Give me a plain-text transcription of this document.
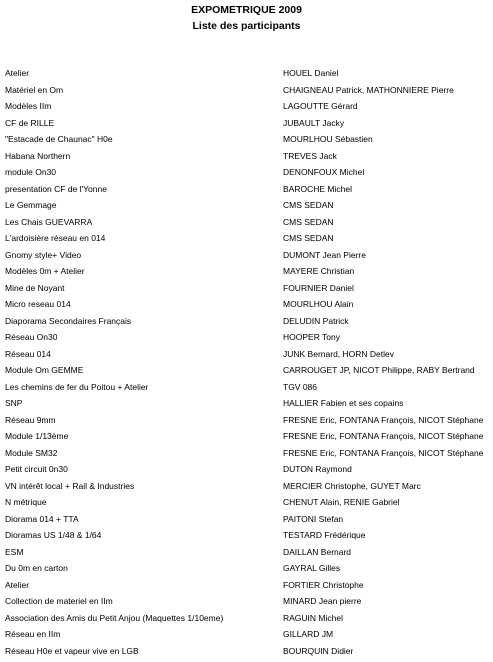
EXPOMETRIQUE 2009
Liste des participants
Atelier	HOUEL Daniel
Matériel en Om	CHAIGNEAU Patrick, MATHONNIERE Pierre
Modèles IIm	LAGOUTTE Gérard
CF de RILLE	JUBAULT Jacky
"Estacade de Chaunac" H0e	MOURLHOU Sébastien
Habana Northern	TREVES Jack
module On30	DENONFOUX Michel
presentation CF de l'Yonne	BAROCHE Michel
Le Gemmage	CMS SEDAN
Les Chais GUEVARRA	CMS SEDAN
L'ardoisière réseau en 014	CMS SEDAN
Gnomy style+ Video	DUMONT Jean Pierre
Modèles 0m + Atelier	MAYERE Christian
Mine de Noyant	FOURNIER Daniel
Micro reseau 014	MOURLHOU Alain
Diaporama Secondaires Français	DELUDIN Patrick
Réseau On30	HOOPER Tony
Réseau 014	JUNK Bernard, HORN Detlev
Module Om GEMME	CARROUGET JP, NICOT Philippe, RABY Bertrand
Les chemins de fer du Poitou + Atelier	TGV 086
SNP	HALLIER Fabien et ses copains
Réseau 9mm	FRESNE Eric, FONTANA François, NICOT Stéphane
Module 1/13ème	FRESNE Eric, FONTANA François, NICOT Stéphane
Module SM32	FRESNE Eric, FONTANA François, NICOT Stéphane
Petit circuit 0n30	DUTON Raymond
VN intérêt local + Rail & Industries	MERCIER Christophe, GUYET Marc
N métrique	CHENUT Alain, RENIE Gabriel
Diorama 014 + TTA	PAITONI Stefan
Dioramas US 1/48 & 1/64	TESTARD Frédérique
ESM	DAILLAN Bernard
Du 0m en carton	GAYRAL Gilles
Atelier	FORTIER Christophe
Collection de materiel en IIm	MINARD Jean pierre
Association des Amis du Petit Anjou (Maquettes 1/10eme)	RAGUIN Michel
Réseau en IIm	GILLARD JM
Réseau H0e et vapeur vive en LGB	BOURQUIN Didier
